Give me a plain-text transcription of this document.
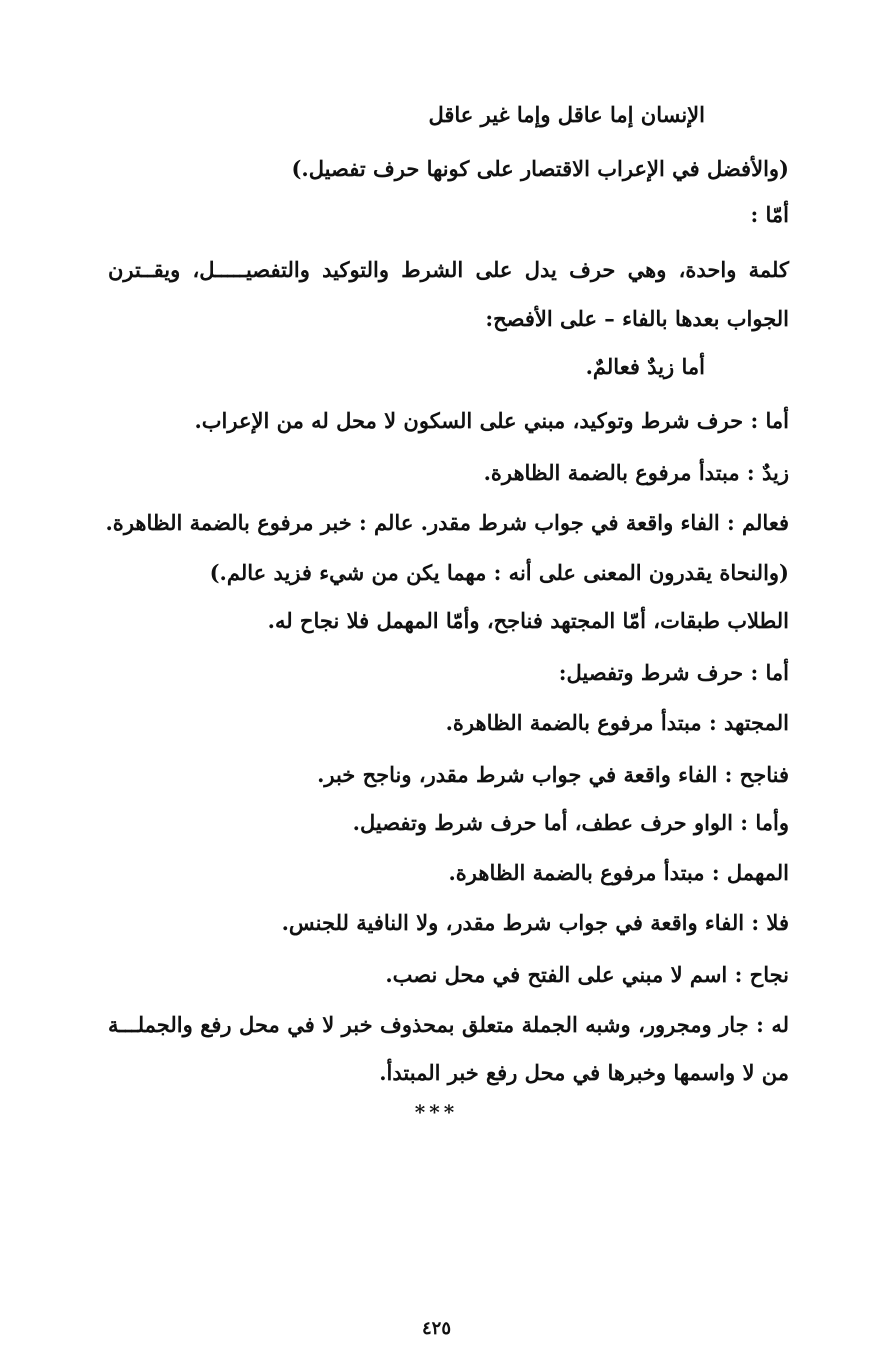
الإنسان إما عاقل وإما غير عاقل
(والأفضل في الإعراب الاقتصار على كونها حرف تفصيل.)
أمّا :
كلمة واحدة، وهي حرف يدل على الشرط والتوكيد والتفصيـــــل، ويقــترن
الجواب بعدها بالفاء – على الأفصح:
أما زيدٌ فعالمٌ.
أما : حرف شرط وتوكيد، مبني على السكون لا محل له من الإعراب.
زيدٌ : مبتدأ مرفوع بالضمة الظاهرة.
فعالم : الفاء واقعة في جواب شرط مقدر. عالم : خبر مرفوع بالضمة الظاهرة.
(والنحاة يقدرون المعنى على أنه : مهما يكن من شيء فزيد عالم.)
الطلاب طبقات، أمّا المجتهد فناجح، وأمّا المهمل فلا نجاح له.
أما : حرف شرط وتفصيل:
المجتهد : مبتدأ مرفوع بالضمة الظاهرة.
فناجح : الفاء واقعة في جواب شرط مقدر، وناجح خبر.
وأما : الواو حرف عطف، أما حرف شرط وتفصيل.
المهمل : مبتدأ مرفوع بالضمة الظاهرة.
فلا : الفاء واقعة في جواب شرط مقدر، ولا النافية للجنس.
نجاح : اسم لا مبني على الفتح في محل نصب.
له : جار ومجرور، وشبه الجملة متعلق بمحذوف خبر لا في محل رفع والجملـــة
من لا واسمها وخبرها في محل رفع خبر المبتدأ.
***
٤٢٥
